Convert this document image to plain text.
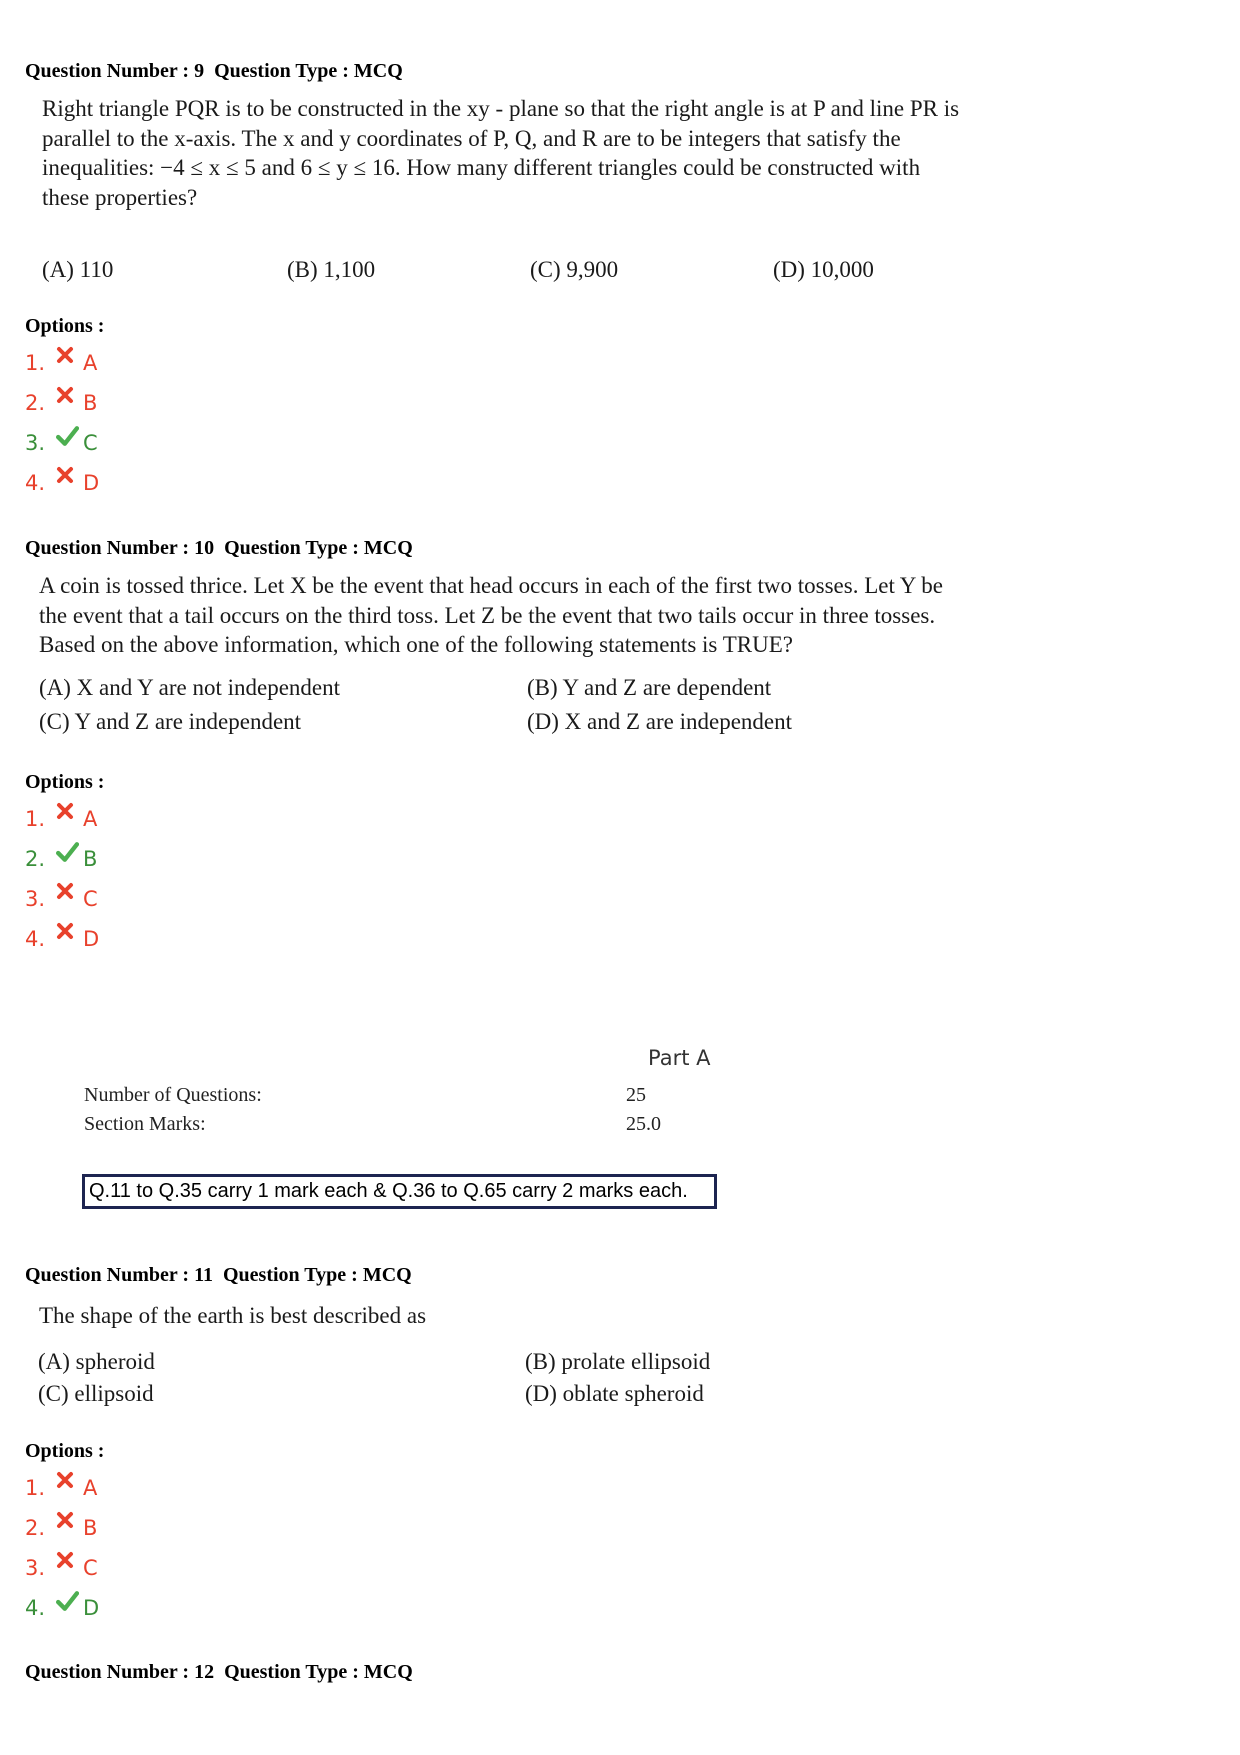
Question Number : 9  Question Type : MCQ

Right triangle PQR is to be constructed in the xy - plane so that the right angle is at P and line PR is

parallel to the x-axis. The x and y coordinates of P, Q, and R are to be integers that satisfy the

inequalities: −4 ≤ x ≤ 5 and 6 ≤ y ≤ 16. How many different triangles could be constructed with

these properties?

(A) 110	(B) 1,100	(C) 9,900	(D) 10,000
Options :
1. A
2. B
3. C
4. D
Question Number : 10  Question Type : MCQ

A coin is tossed thrice. Let X be the event that head occurs in each of the first two tosses. Let Y be

the event that a tail occurs on the third toss. Let Z be the event that two tails occur in three tosses.

Based on the above information, which one of the following statements is TRUE?

(A) X and Y are not independent	(B) Y and Z are dependent
(C) Y and Z are independent	(D) X and Z are independent
Options :
1. A
2. B
3. C
4. D
Part A
Number of Questions:	25
Section Marks:	25.0
Q.11 to Q.35 carry 1 mark each & Q.36 to Q.65 carry 2 marks each.
Question Number : 11  Question Type : MCQ

The shape of the earth is best described as

(A) spheroid	(B) prolate ellipsoid
(C) ellipsoid	(D) oblate spheroid
Options :
1. A
2. B
3. C
4. D
Question Number : 12  Question Type : MCQ
